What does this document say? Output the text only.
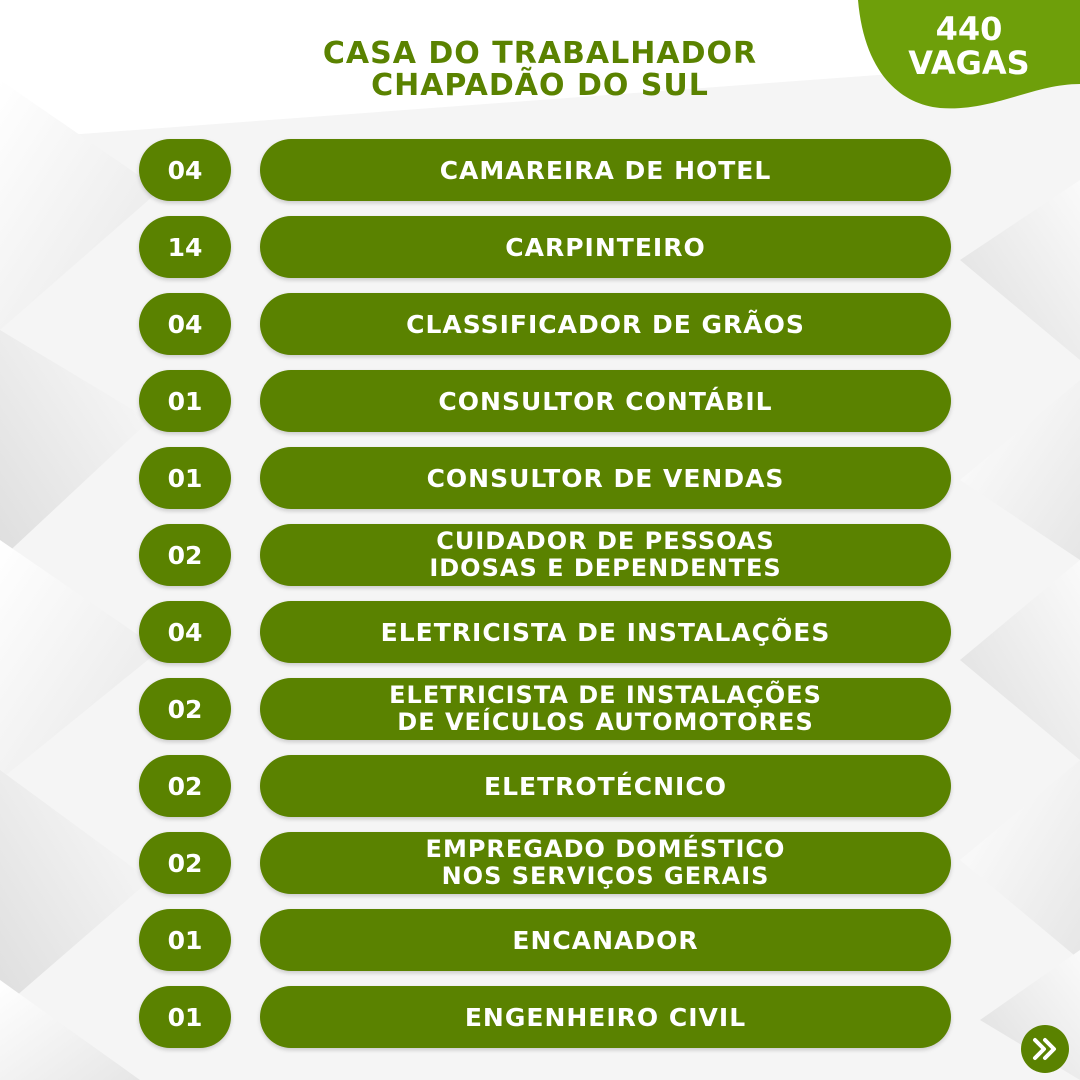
CASA DO TRABALHADOR
CHAPADÃO DO SUL
440
VAGAS
04	CAMAREIRA DE HOTEL
14	CARPINTEIRO
04	CLASSIFICADOR DE GRÃOS
01	CONSULTOR CONTÁBIL
01	CONSULTOR DE VENDAS
02	CUIDADOR DE PESSOAS
IDOSAS E DEPENDENTES
04	ELETRICISTA DE INSTALAÇÕES
02	ELETRICISTA DE INSTALAÇÕES
DE VEÍCULOS AUTOMOTORES
02	ELETROTÉCNICO
02	EMPREGADO DOMÉSTICO
NOS SERVIÇOS GERAIS
01	ENCANADOR
01	ENGENHEIRO CIVIL
